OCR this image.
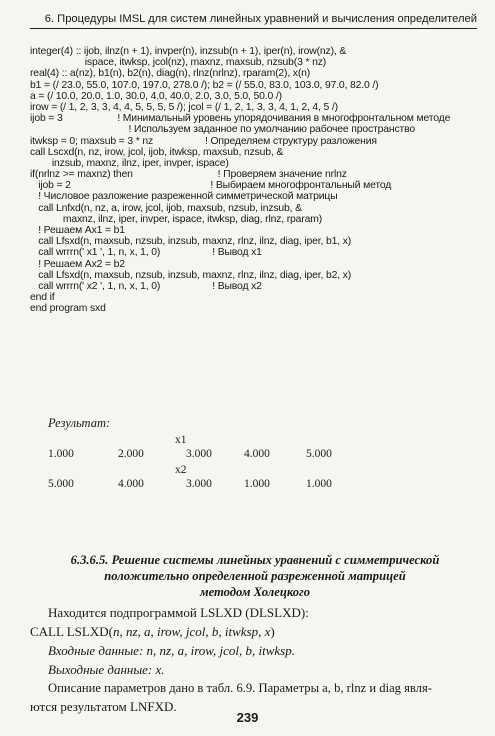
6. Процедуры IMSL для систем линейных уравнений и вычисления определителей
integer(4) :: ijob, ilnz(n + 1), invper(n), inzsub(n + 1), iper(n), irow(nz), &
ispace, itwksp, jcol(nz), maxnz, maxsub, nzsub(3 * nz)
real(4) :: a(nz), b1(n), b2(n), diag(n), rlnz(nrlnz), rparam(2), x(n)
b1 = (/ 23.0, 55.0, 107.0, 197.0, 278.0 /); b2 = (/ 55.0, 83.0, 103.0, 97.0, 82.0 /)
a = (/ 10.0, 20.0, 1.0, 30.0, 4.0, 40.0, 2.0, 3.0, 5.0, 50.0 /)
irow = (/ 1, 2, 3, 3, 4, 4, 5, 5, 5, 5 /); jcol = (/ 1, 2, 1, 3, 3, 4, 1, 2, 4, 5 /)
ijob = 3                    ! Минимальный уровень упорядочивания в многофронтальном методе
! Используем заданное по умолчанию рабочее пространство
itwksp = 0; maxsub = 3 * nz                   ! Определяем структуру разложения
call Lscxd(n, nz, irow, jcol, ijob, itwksp, maxsub, nzsub, &
inzsub, maxnz, ilnz, iper, invper, ispace)
if(nrlnz >= maxnz) then                               ! Проверяем значение nrlnz
ijob = 2                                                   ! Выбираем многофронтальный метод
! Числовое разложение разреженной симметрической матрицы
call Lnfxd(n, nz, a, irow, jcol, ijob, maxsub, nzsub, inzsub, &
maxnz, ilnz, iper, invper, ispace, itwksp, diag, rlnz, rparam)
! Решаем Ax1 = b1
call Lfsxd(n, maxsub, nzsub, inzsub, maxnz, rlnz, ilnz, diag, iper, b1, x)
call wrrrn(' x1 ', 1, n, x, 1, 0)                   ! Вывод x1
! Решаем Ax2 = b2
call Lfsxd(n, maxsub, nzsub, inzsub, maxnz, rlnz, ilnz, diag, iper, b2, x)
call wrrrn(' x2 ', 1, n, x, 1, 0)                   ! Вывод x2
end if
end program sxd
Результат:
x1
1.000	2.000	3.000	4.000	5.000
x2
5.000	4.000	3.000	1.000	1.000
6.3.6.5. Решение системы линейных уравнений с симметрической
положительно определенной разреженной матрицей
методом Холецкого
Находится подпрограммой LSLXD (DLSLXD):
CALL LSLXD(n, nz, a, irow, jcol, b, itwksp, x)
Входные данные: n, nz, a, irow, jcol, b, itwksp.
Выходные данные: x.
Описание параметров дано в табл. 6.9. Параметры a, b, rlnz и diag явля-
ются результатом LNFXD.
239
